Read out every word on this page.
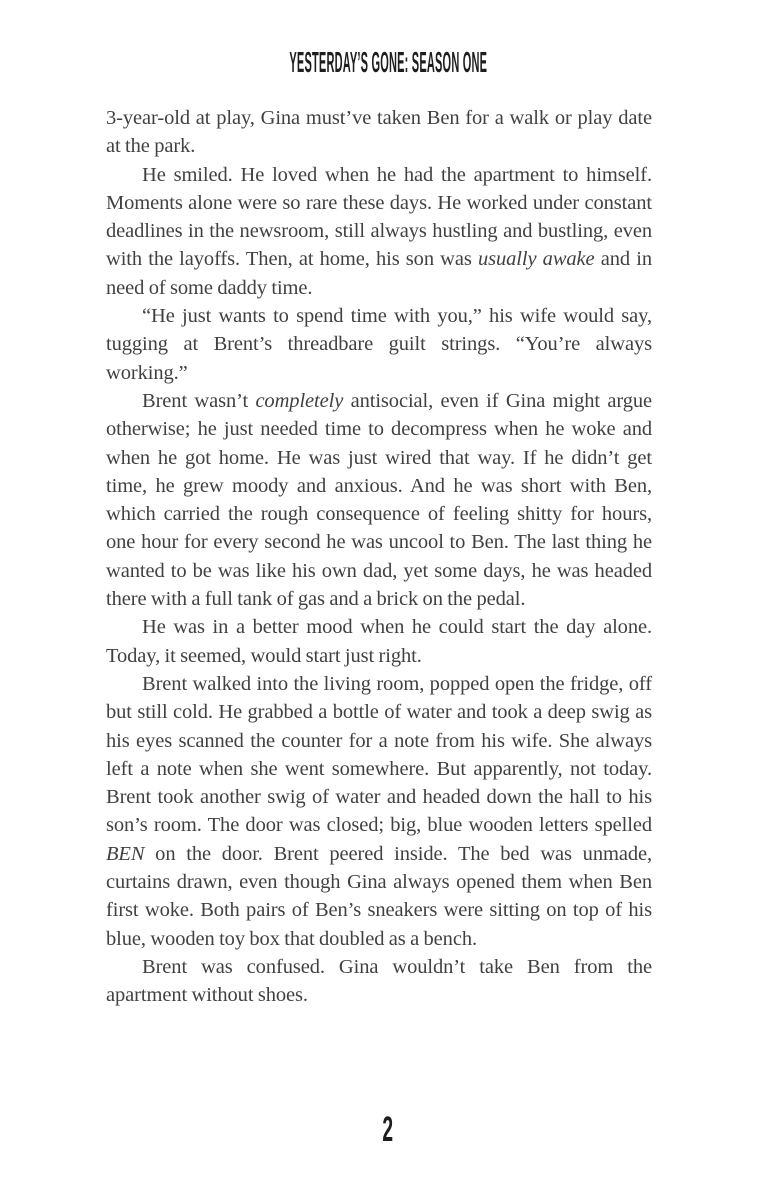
YESTERDAY’S GONE: SEASON ONE

3-year-old at play, Gina must’ve taken Ben for a walk or play date at the park.

He smiled. He loved when he had the apartment to himself. Moments alone were so rare these days. He worked under constant deadlines in the newsroom, still always hustling and bustling, even with the layoffs. Then, at home, his son was usually awake and in need of some daddy time.

“He just wants to spend time with you,” his wife would say, tugging at Brent’s threadbare guilt strings. “You’re always working.”

Brent wasn’t completely antisocial, even if Gina might argue otherwise; he just needed time to decompress when he woke and when he got home. He was just wired that way. If he didn’t get time, he grew moody and anxious. And he was short with Ben, which carried the rough consequence of feeling shitty for hours, one hour for every second he was uncool to Ben. The last thing he wanted to be was like his own dad, yet some days, he was headed there with a full tank of gas and a brick on the pedal.

He was in a better mood when he could start the day alone. Today, it seemed, would start just right.

Brent walked into the living room, popped open the fridge, off but still cold. He grabbed a bottle of water and took a deep swig as his eyes scanned the counter for a note from his wife. She always left a note when she went somewhere. But apparently, not today. Brent took another swig of water and headed down the hall to his son’s room. The door was closed; big, blue wooden letters spelled BEN on the door. Brent peered inside. The bed was unmade, curtains drawn, even though Gina always opened them when Ben first woke. Both pairs of Ben’s sneakers were sitting on top of his blue, wooden toy box that doubled as a bench.

Brent was confused. Gina wouldn’t take Ben from the apartment without shoes.

2
